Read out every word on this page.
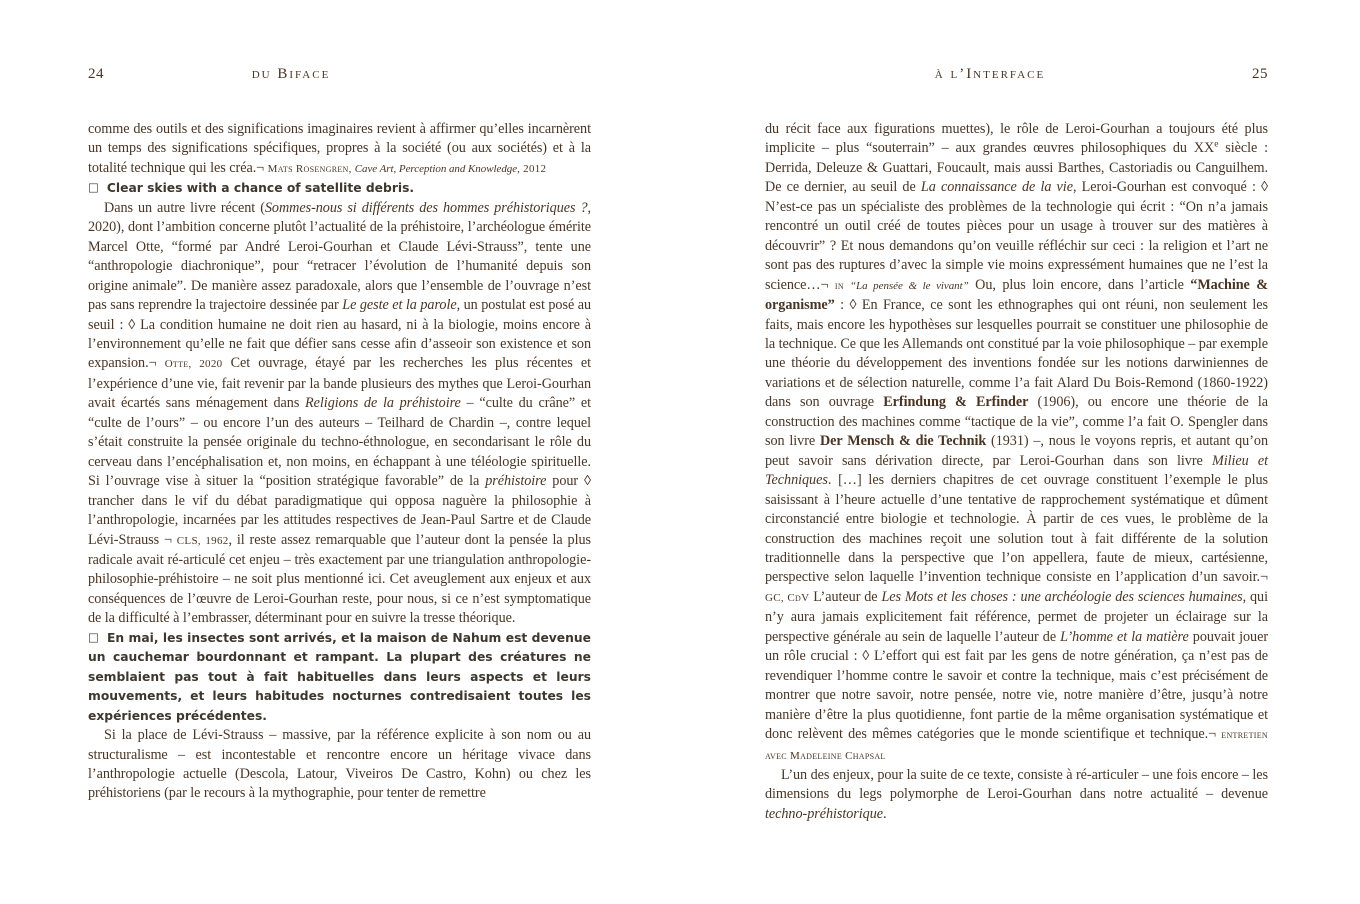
24	du Biface	à l’Interface	25

comme des outils et des significations imaginaires revient à affirmer qu’elles incarnèrent un temps des significations spécifiques, propres à la société (ou aux sociétés) et à la totalité technique qui les créa.¬ Mats Rosengren, Cave Art, Perception and Knowledge, 2012

□ Clear skies with a chance of satellite debris.

Dans un autre livre récent (Sommes-nous si différents des hommes préhistoriques ?, 2020), dont l’ambition concerne plutôt l’actualité de la préhistoire, l’archéologue émérite Marcel Otte, “formé par André Leroi-Gourhan et Claude Lévi-Strauss”, tente une “anthropologie diachronique”, pour “retracer l’évolution de l’humanité depuis son origine animale”. De manière assez paradoxale, alors que l’ensemble de l’ouvrage n’est pas sans reprendre la trajectoire dessinée par Le geste et la parole, un postulat est posé au seuil : ◊ La condition humaine ne doit rien au hasard, ni à la biologie, moins encore à l’environnement qu’elle ne fait que défier sans cesse afin d’asseoir son existence et son expansion.¬ Otte, 2020 Cet ouvrage, étayé par les recherches les plus récentes et l’expérience d’une vie, fait revenir par la bande plusieurs des mythes que Leroi-Gourhan avait écartés sans ménagement dans Religions de la préhistoire – “culte du crâne” et “culte de l’ours” – ou encore l’un des auteurs – Teilhard de Chardin –, contre lequel s’était construite la pensée originale du techno-éthnologue, en secondarisant le rôle du cerveau dans l’encéphalisation et, non moins, en échappant à une téléologie spirituelle. Si l’ouvrage vise à situer la “position stratégique favorable” de la préhistoire pour ◊ trancher dans le vif du débat paradigmatique qui opposa naguère la philosophie à l’anthropologie, incarnées par les attitudes respectives de Jean-Paul Sartre et de Claude Lévi-Strauss ¬ CLS, 1962, il reste assez remarquable que l’auteur dont la pensée la plus radicale avait ré-articulé cet enjeu – très exactement par une triangulation anthropologie-philosophie-préhistoire – ne soit plus mentionné ici. Cet aveuglement aux enjeux et aux conséquences de l’œuvre de Leroi-Gourhan reste, pour nous, si ce n’est symptomatique de la difficulté à l’embrasser, déterminant pour en suivre la tresse théorique.

□ En mai, les insectes sont arrivés, et la maison de Nahum est devenue un cauchemar bourdonnant et rampant. La plupart des créatures ne semblaient pas tout à fait habituelles dans leurs aspects et leurs mouvements, et leurs habitudes nocturnes contredisaient toutes les expériences précédentes.

Si la place de Lévi-Strauss – massive, par la référence explicite à son nom ou au structuralisme – est incontestable et rencontre encore un héritage vivace dans l’anthropologie actuelle (Descola, Latour, Viveiros De Castro, Kohn) ou chez les préhistoriens (par le recours à la mythographie, pour tenter de remettre

du récit face aux figurations muettes), le rôle de Leroi-Gourhan a toujours été plus implicite – plus “souterrain” – aux grandes œuvres philosophiques du XXe siècle : Derrida, Deleuze & Guattari, Foucault, mais aussi Barthes, Castoriadis ou Canguilhem. De ce dernier, au seuil de La connaissance de la vie, Leroi-Gourhan est convoqué : ◊ N’est-ce pas un spécialiste des problèmes de la technologie qui écrit : “On n’a jamais rencontré un outil créé de toutes pièces pour un usage à trouver sur des matières à découvrir” ? Et nous demandons qu’on veuille réfléchir sur ceci : la religion et l’art ne sont pas des ruptures d’avec la simple vie moins expressément humaines que ne l’est la science…¬ in “La pensée & le vivant” Ou, plus loin encore, dans l’article “Machine & organisme” : ◊ En France, ce sont les ethnographes qui ont réuni, non seulement les faits, mais encore les hypothèses sur lesquelles pourrait se constituer une philosophie de la technique. Ce que les Allemands ont constitué par la voie philosophique – par exemple une théorie du développement des inventions fondée sur les notions darwiniennes de variations et de sélection naturelle, comme l’a fait Alard Du Bois-Remond (1860-1922) dans son ouvrage Erfindung & Erfinder (1906), ou encore une théorie de la construction des machines comme “tactique de la vie”, comme l’a fait O. Spengler dans son livre Der Mensch & die Technik (1931) –, nous le voyons repris, et autant qu’on peut savoir sans dérivation directe, par Leroi-Gourhan dans son livre Milieu et Techniques. […] les derniers chapitres de cet ouvrage constituent l’exemple le plus saisissant à l’heure actuelle d’une tentative de rapprochement systématique et dûment circonstancié entre biologie et technologie. À partir de ces vues, le problème de la construction des machines reçoit une solution tout à fait différente de la solution traditionnelle dans la perspective que l’on appellera, faute de mieux, cartésienne, perspective selon laquelle l’invention technique consiste en l’application d’un savoir.¬ GC, CdV L’auteur de Les Mots et les choses : une archéologie des sciences humaines, qui n’y aura jamais explicitement fait référence, permet de projeter un éclairage sur la perspective générale au sein de laquelle l’auteur de L’homme et la matière pouvait jouer un rôle crucial : ◊ L’effort qui est fait par les gens de notre génération, ça n’est pas de revendiquer l’homme contre le savoir et contre la technique, mais c’est précisément de montrer que notre savoir, notre pensée, notre vie, notre manière d’être, jusqu’à notre manière d’être la plus quotidienne, font partie de la même organisation systématique et donc relèvent des mêmes catégories que le monde scientifique et technique.¬ entretien avec Madeleine Chapsal

L’un des enjeux, pour la suite de ce texte, consiste à ré-articuler – une fois encore – les dimensions du legs polymorphe de Leroi-Gourhan dans notre actualité – devenue techno-préhistorique.
